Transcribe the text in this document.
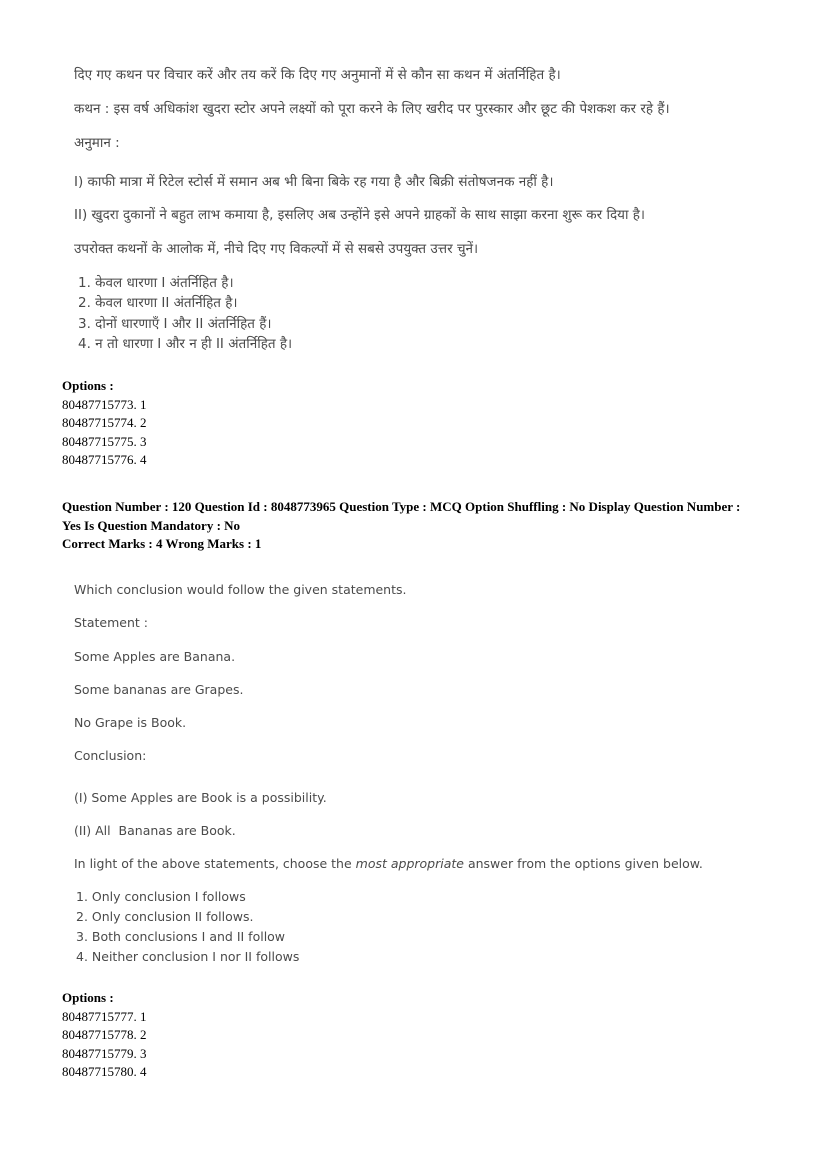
दिए गए कथन पर विचार करें और तय करें कि दिए गए अनुमानों में से कौन सा कथन में अंतर्निहित है।

कथन : इस वर्ष अधिकांश खुदरा स्टोर अपने लक्ष्यों को पूरा करने के लिए खरीद पर पुरस्कार और छूट की पेशकश कर रहे हैं।

अनुमान :

I) काफी मात्रा में रिटेल स्टोर्स में समान अब भी बिना बिके रह गया है और बिक्री संतोषजनक नहीं है।

II) खुदरा दुकानों ने बहुत लाभ कमाया है, इसलिए अब उन्होंने इसे अपने ग्राहकों के साथ साझा करना शुरू कर दिया है।

उपरोक्त कथनों के आलोक में, नीचे दिए गए विकल्पों में से सबसे उपयुक्त उत्तर चुनें।

1. केवल धारणा I अंतर्निहित है।

2. केवल धारणा II अंतर्निहित है।

3. दोनों धारणाएँ I और II अंतर्निहित हैं।

4. न तो धारणा I और न ही II अंतर्निहित है।

Options :

80487715773. 1

80487715774. 2

80487715775. 3

80487715776. 4

Question Number : 120 Question Id : 8048773965 Question Type : MCQ Option Shuffling : No Display Question Number :

Yes Is Question Mandatory : No

Correct Marks : 4 Wrong Marks : 1

Which conclusion would follow the given statements.

Statement :

Some Apples are Banana.

Some bananas are Grapes.

No Grape is Book.

Conclusion:

(I) Some Apples are Book is a possibility.

(II) All  Bananas are Book.

In light of the above statements, choose the most appropriate answer from the options given below.

1. Only conclusion I follows

2. Only conclusion II follows.

3. Both conclusions I and II follow

4. Neither conclusion I nor II follows

Options :

80487715777. 1

80487715778. 2

80487715779. 3

80487715780. 4
